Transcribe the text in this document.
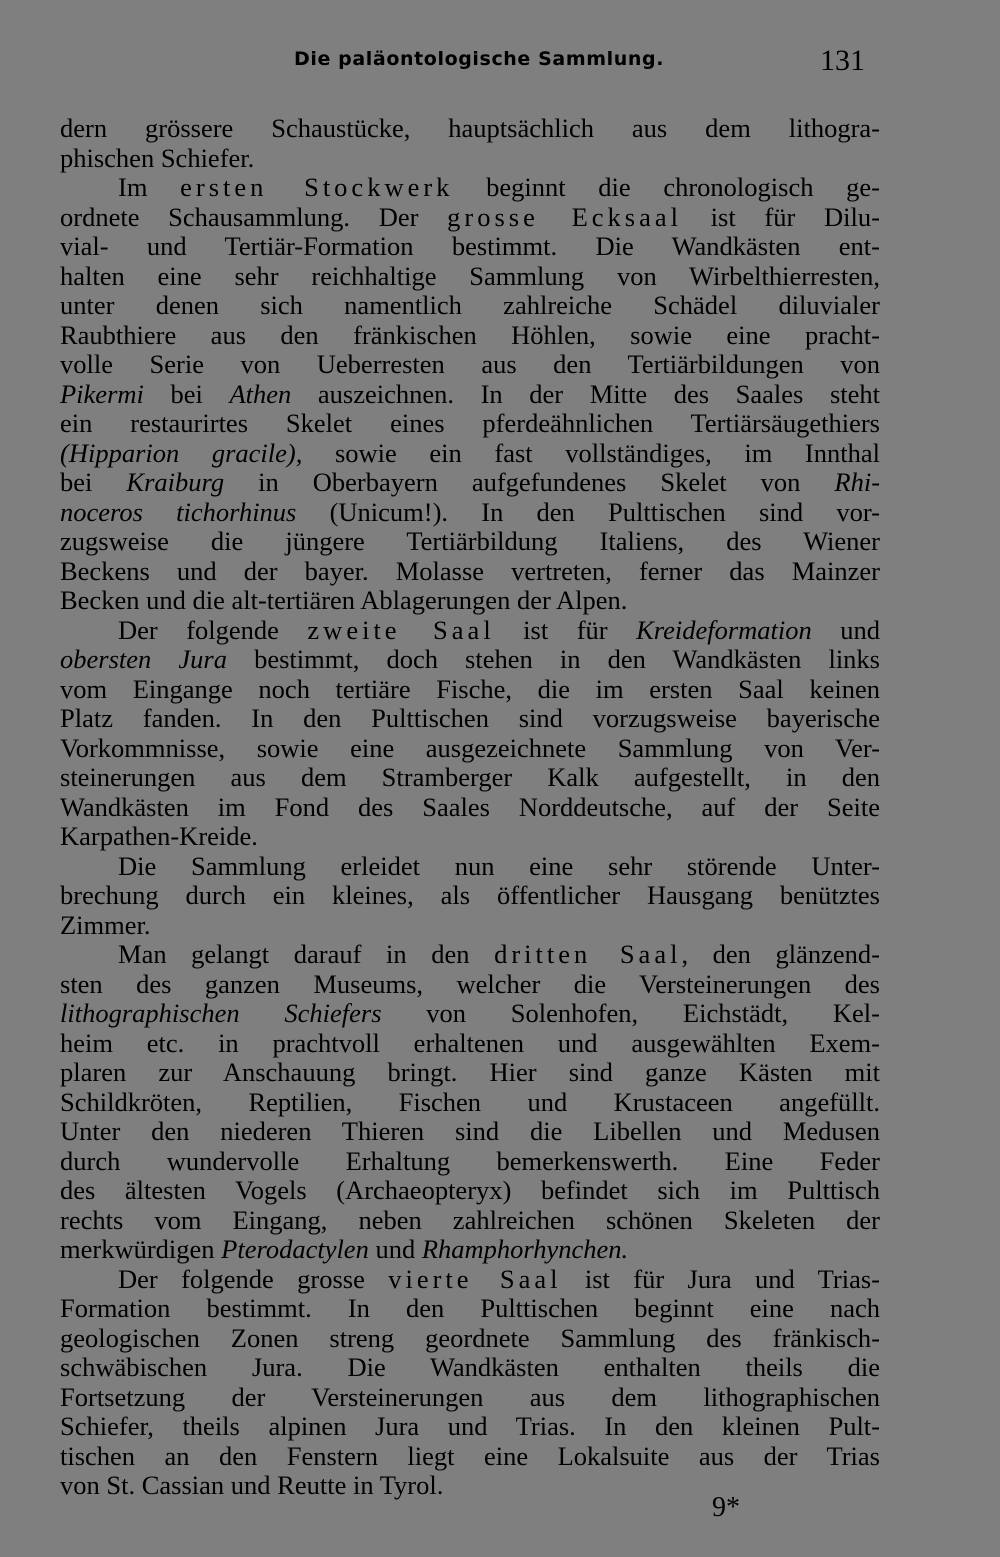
Die paläontologische Sammlung.	131
dern grössere Schaustücke, hauptsächlich aus dem lithogra-
phischen Schiefer.
Im ersten Stockwerk beginnt die chronologisch ge-
ordnete Schausammlung. Der grosse Ecksaal ist für Dilu-
vial- und Tertiär-Formation bestimmt. Die Wandkästen ent-
halten eine sehr reichhaltige Sammlung von Wirbelthierresten,
unter denen sich namentlich zahlreiche Schädel diluvialer
Raubthiere aus den fränkischen Höhlen, sowie eine pracht-
volle Serie von Ueberresten aus den Tertiärbildungen von
Pikermi bei Athen auszeichnen. In der Mitte des Saales steht
ein restaurirtes Skelet eines pferdeähnlichen Tertiärsäugethiers
(Hipparion gracile), sowie ein fast vollständiges, im Innthal
bei Kraiburg in Oberbayern aufgefundenes Skelet von Rhi-
noceros tichorhinus (Unicum!). In den Pulttischen sind vor-
zugsweise die jüngere Tertiärbildung Italiens, des Wiener
Beckens und der bayer. Molasse vertreten, ferner das Mainzer
Becken und die alt-tertiären Ablagerungen der Alpen.
Der folgende zweite Saal ist für Kreideformation und
obersten Jura bestimmt, doch stehen in den Wandkästen links
vom Eingange noch tertiäre Fische, die im ersten Saal keinen
Platz fanden. In den Pulttischen sind vorzugsweise bayerische
Vorkommnisse, sowie eine ausgezeichnete Sammlung von Ver-
steinerungen aus dem Stramberger Kalk aufgestellt, in den
Wandkästen im Fond des Saales Norddeutsche, auf der Seite
Karpathen-Kreide.
Die Sammlung erleidet nun eine sehr störende Unter-
brechung durch ein kleines, als öffentlicher Hausgang benütztes
Zimmer.
Man gelangt darauf in den dritten Saal, den glänzend-
sten des ganzen Museums, welcher die Versteinerungen des
lithographischen Schiefers von Solenhofen, Eichstädt, Kel-
heim etc. in prachtvoll erhaltenen und ausgewählten Exem-
plaren zur Anschauung bringt. Hier sind ganze Kästen mit
Schildkröten, Reptilien, Fischen und Krustaceen angefüllt.
Unter den niederen Thieren sind die Libellen und Medusen
durch wundervolle Erhaltung bemerkenswerth. Eine Feder
des ältesten Vogels (Archaeopteryx) befindet sich im Pulttisch
rechts vom Eingang, neben zahlreichen schönen Skeleten der
merkwürdigen Pterodactylen und Rhamphorhynchen.
Der folgende grosse vierte Saal ist für Jura und Trias-
Formation bestimmt. In den Pulttischen beginnt eine nach
geologischen Zonen streng geordnete Sammlung des fränkisch-
schwäbischen Jura. Die Wandkästen enthalten theils die
Fortsetzung der Versteinerungen aus dem lithographischen
Schiefer, theils alpinen Jura und Trias. In den kleinen Pult-
tischen an den Fenstern liegt eine Lokalsuite aus der Trias
von St. Cassian und Reutte in Tyrol.
9*
